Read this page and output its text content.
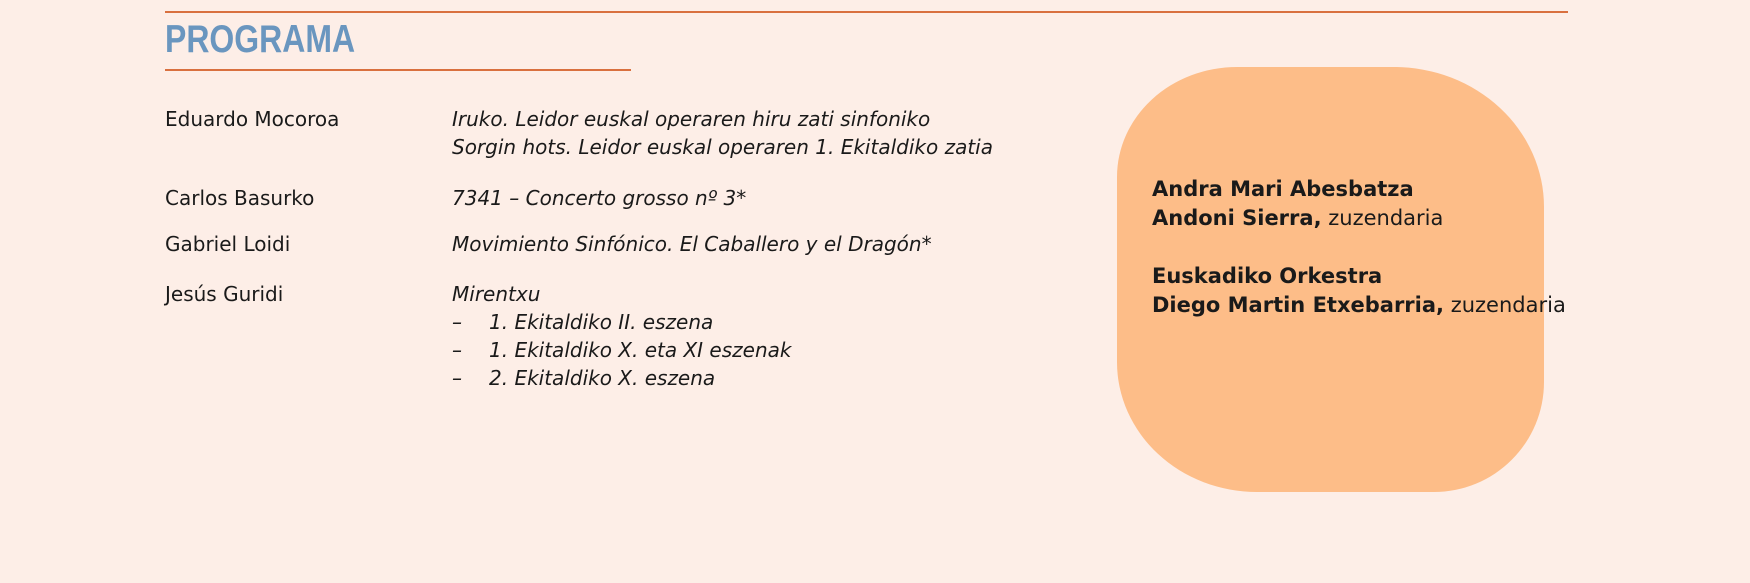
PROGRAMA
Eduardo Mocoroa	Iruko. Leidor euskal operaren hiru zati sinfoniko
Sorgin hots. Leidor euskal operaren 1. Ekitaldiko zatia
Carlos Basurko	7341 – Concerto grosso nº 3*
Gabriel Loidi	Movimiento Sinfónico. El Caballero y el Dragón*
Jesús Guridi	Mirentxu
– 1. Ekitaldiko II. eszena
– 1. Ekitaldiko X. eta XI eszenak
– 2. Ekitaldiko X. eszena
Andra Mari Abesbatza
Andoni Sierra, zuzendaria
Euskadiko Orkestra
Diego Martin Etxebarria, zuzendaria
